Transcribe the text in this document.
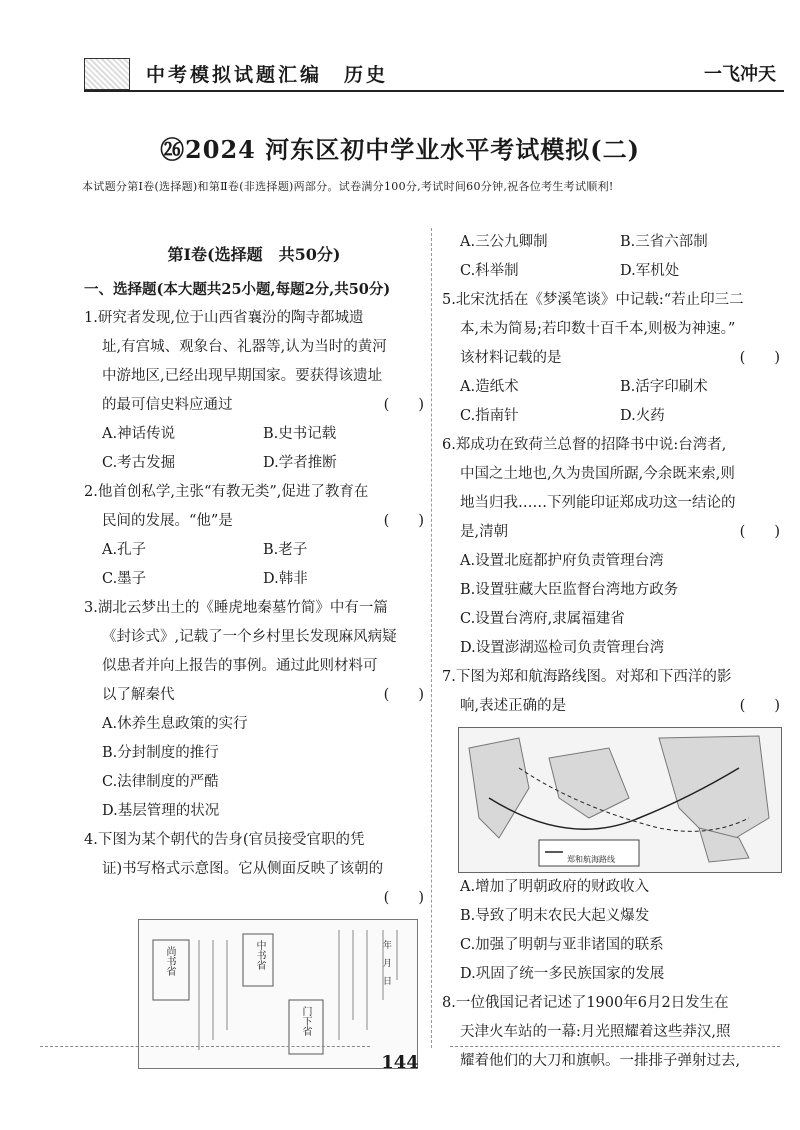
中考模拟试题汇编　历史	一飞冲天
㉖2024 河东区初中学业水平考试模拟(二)
本试题分第Ⅰ卷(选择题)和第Ⅱ卷(非选择题)两部分。试卷满分100分,考试时间60分钟,祝各位考生考试顺利!
第Ⅰ卷(选择题　共50分)
一、选择题(本大题共25小题,每题2分,共50分)
1.研究者发现,位于山西省襄汾的陶寺都城遗
址,有宫城、观象台、礼器等,认为当时的黄河
中游地区,已经出现早期国家。要获得该遗址
的最可信史料应通过	(　　)
A.神话传说	B.史书记载
C.考古发掘	D.学者推断
2.他首创私学,主张“有教无类”,促进了教育在
民间的发展。“他”是	(　　)
A.孔子	B.老子
C.墨子	D.韩非
3.湖北云梦出土的《睡虎地秦墓竹简》中有一篇
《封诊式》,记载了一个乡村里长发现麻风病疑
似患者并向上报告的事例。通过此则材料可
以了解秦代	(　　)
A.休养生息政策的实行
B.分封制度的推行
C.法律制度的严酷
D.基层管理的状况
4.下图为某个朝代的告身(官员接受官职的凭
证)书写格式示意图。它从侧面反映了该朝的
(　　)
中书省
门下省
尚书省	年　月　日
A.三公九卿制	B.三省六部制
C.科举制	D.军机处
5.北宋沈括在《梦溪笔谈》中记载:“若止印三二
本,未为简易;若印数十百千本,则极为神速。”
该材料记载的是	(　　)
A.造纸术	B.活字印刷术
C.指南针	D.火药
6.郑成功在致荷兰总督的招降书中说:台湾者,
中国之土地也,久为贵国所踞,今余既来索,则
地当归我……下列能印证郑成功这一结论的
是,清朝	(　　)
A.设置北庭都护府负责管理台湾
B.设置驻藏大臣监督台湾地方政务
C.设置台湾府,隶属福建省
D.设置澎湖巡检司负责管理台湾
7.下图为郑和航海路线图。对郑和下西洋的影
响,表述正确的是	(　　)
郑和航海路线
A.增加了明朝政府的财政收入
B.导致了明末农民大起义爆发
C.加强了明朝与亚非诸国的联系
D.巩固了统一多民族国家的发展
8.一位俄国记者记述了1900年6月2日发生在
天津火车站的一幕:月光照耀着这些莽汉,照
耀着他们的大刀和旗帜。一排排子弹射过去,
144
